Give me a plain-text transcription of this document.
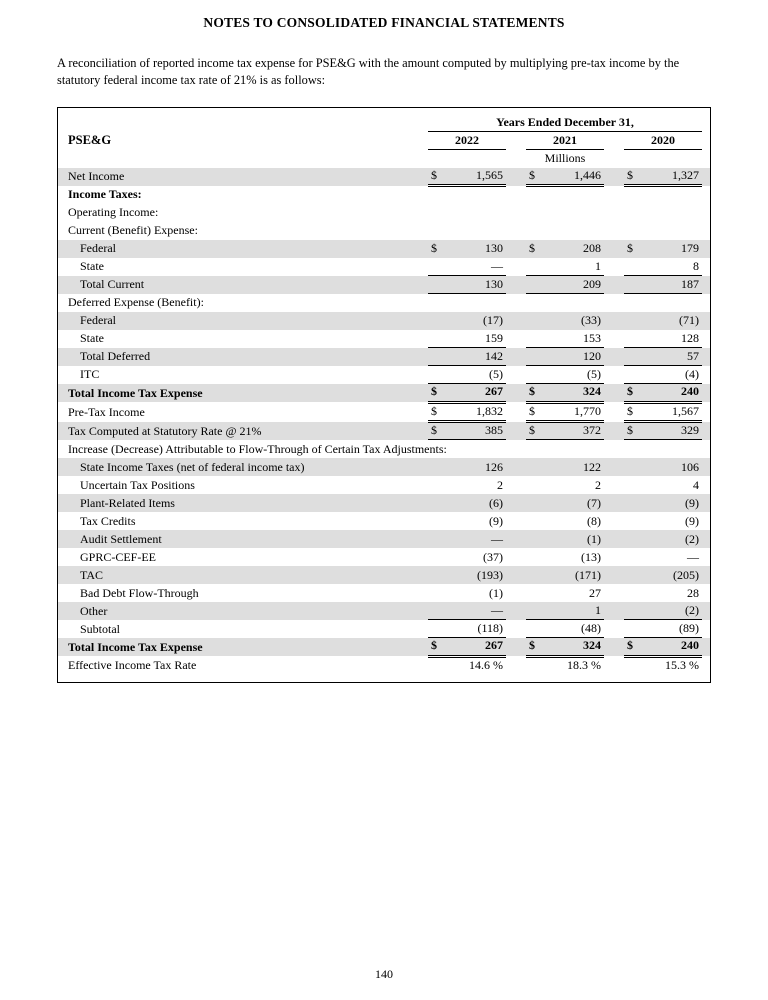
NOTES TO CONSOLIDATED FINANCIAL STATEMENTS

A reconciliation of reported income tax expense for PSE&G with the amount computed by multiplying pre-tax income by the statutory federal income tax rate of 21% is as follows:

	Years Ended December 31,								
PSE&G	2022			2021			2020		
	Millions								
Net Income	$	1,565		$	1,446		$	1,327	
Income Taxes:									
Operating Income:									
Current (Benefit) Expense:									
Federal	$	130		$	208		$	179	
State		—			1			8	
Total Current		130			209			187	
Deferred Expense (Benefit):									
Federal		(17)			(33)			(71)	
State		159			153			128	
Total Deferred		142			120			57	
ITC		(5)			(5)			(4)	
Total Income Tax Expense	$	267		$	324		$	240	
Pre-Tax Income	$	1,832		$	1,770		$	1,567	
Tax Computed at Statutory Rate @ 21%	$	385		$	372		$	329	
Increase (Decrease) Attributable to Flow-Through of Certain Tax Adjustments:									
State Income Taxes (net of federal income tax)		126			122			106	
Uncertain Tax Positions		2			2			4	
Plant-Related Items		(6)			(7)			(9)	
Tax Credits		(9)			(8)			(9)	
Audit Settlement		—			(1)			(2)	
GPRC-CEF-EE		(37)			(13)			—	
TAC		(193)			(171)			(205)	
Bad Debt Flow-Through		(1)			27			28	
Other		—			1			(2)	
Subtotal		(118)			(48)			(89)	
Total Income Tax Expense	$	267		$	324		$	240	
Effective Income Tax Rate		14.6 %			18.3 %			15.3 %	
140
